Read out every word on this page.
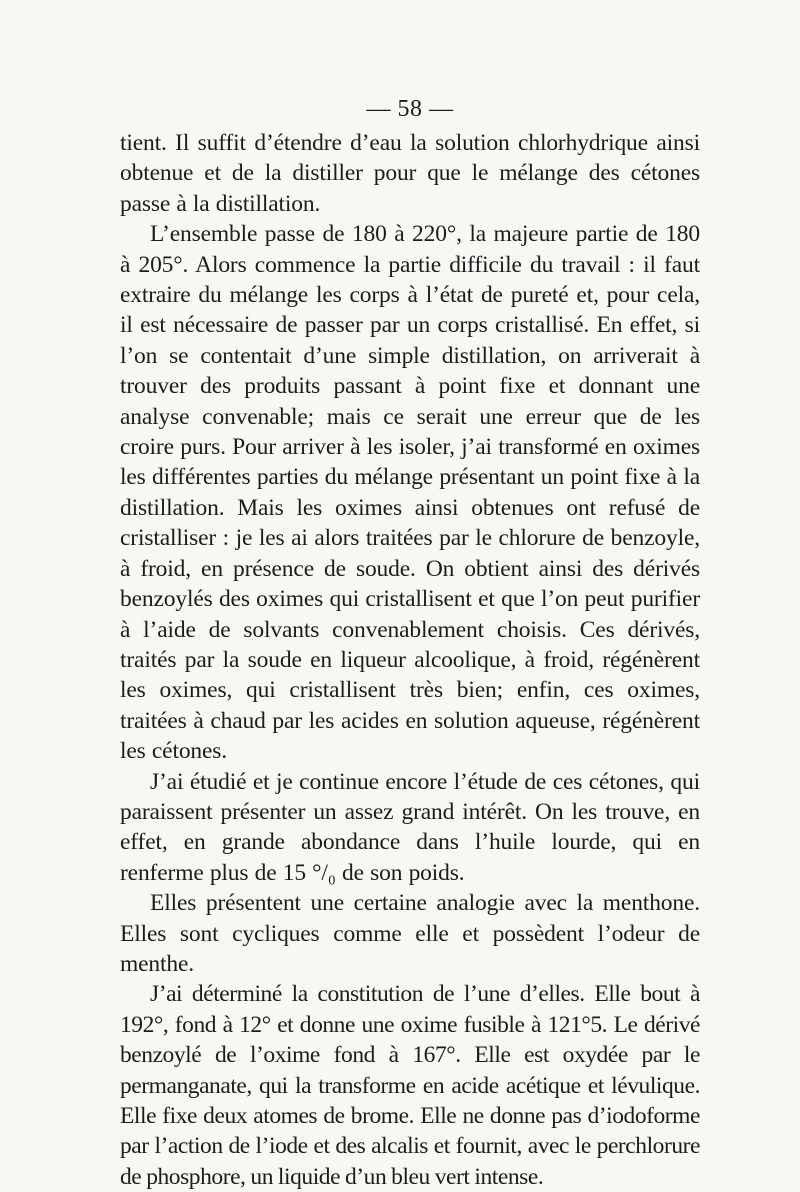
— 58 —

tient. Il suffit d’étendre d’eau la solution chlorhydrique ainsi obtenue et de la distiller pour que le mélange des cétones passe à la distillation.

L’ensemble passe de 180 à 220°, la majeure partie de 180 à 205°. Alors commence la partie difficile du travail : il faut extraire du mélange les corps à l’état de pureté et, pour cela, il est nécessaire de passer par un corps cristallisé. En effet, si l’on se contentait d’une simple distillation, on arriverait à trouver des produits passant à point fixe et donnant une analyse convenable; mais ce serait une erreur que de les croire purs. Pour arriver à les isoler, j’ai transformé en oximes les différentes parties du mélange présentant un point fixe à la distillation. Mais les oximes ainsi obtenues ont refusé de cristalliser : je les ai alors traitées par le chlorure de benzoyle, à froid, en présence de soude. On obtient ainsi des dérivés benzoylés des oximes qui cristallisent et que l’on peut purifier à l’aide de solvants convenablement choisis. Ces dérivés, traités par la soude en liqueur alcoolique, à froid, régénèrent les oximes, qui cristallisent très bien; enfin, ces oximes, traitées à chaud par les acides en solution aqueuse, régénèrent les cétones.

J’ai étudié et je continue encore l’étude de ces cétones, qui paraissent présenter un assez grand intérêt. On les trouve, en effet, en grande abondance dans l’huile lourde, qui en renferme plus de 15 °/₀ de son poids.

Elles présentent une certaine analogie avec la menthone. Elles sont cycliques comme elle et possèdent l’odeur de menthe.

J’ai déterminé la constitution de l’une d’elles. Elle bout à 192°, fond à 12° et donne une oxime fusible à 121°5. Le dérivé benzoylé de l’oxime fond à 167°. Elle est oxydée par le permanganate, qui la transforme en acide acétique et lévulique. Elle fixe deux atomes de brome. Elle ne donne pas d’iodoforme par l’action de l’iode et des alcalis et fournit, avec le perchlorure de phosphore, un liquide d’un bleu vert intense.
